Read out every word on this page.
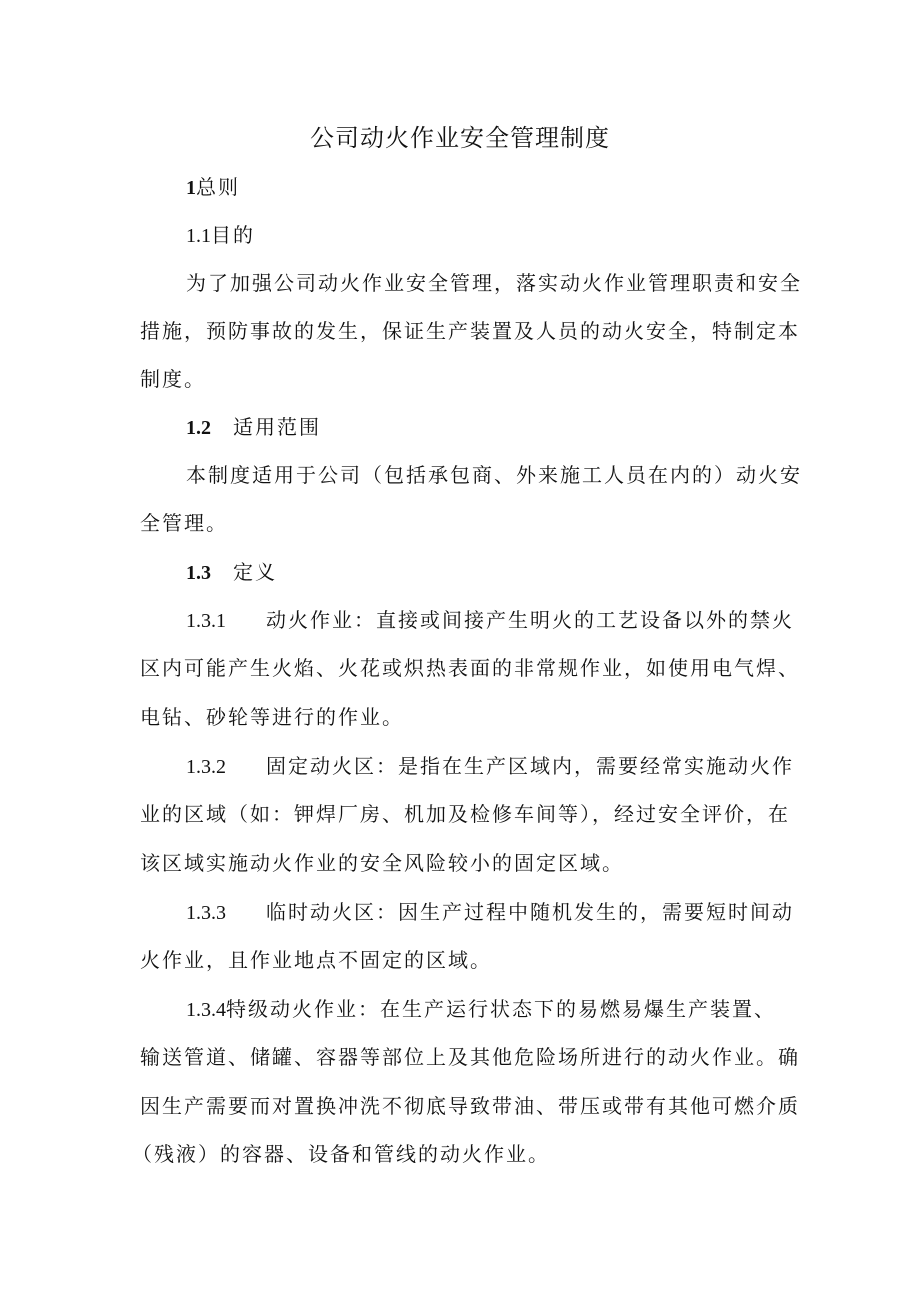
公司动火作业安全管理制度
1总则
1.1目的
为了加强公司动火作业安全管理，落实动火作业管理职责和安全
措施，预防事故的发生，保证生产装置及人员的动火安全，特制定本
制度。
1.2 适用范围
本制度适用于公司（包括承包商、外来施工人员在内的）动火安
全管理。
1.3 定义
1.3.1 动火作业：直接或间接产生明火的工艺设备以外的禁火
区内可能产生火焰、火花或炽热表面的非常规作业，如使用电气焊、
电钻、砂轮等进行的作业。
1.3.2 固定动火区：是指在生产区域内，需要经常实施动火作
业的区域（如：钾焊厂房、机加及检修车间等），经过安全评价，在
该区域实施动火作业的安全风险较小的固定区域。
1.3.3 临时动火区：因生产过程中随机发生的，需要短时间动
火作业，且作业地点不固定的区域。
1.3.4特级动火作业：在生产运行状态下的易燃易爆生产装置、
输送管道、储罐、容器等部位上及其他危险场所进行的动火作业。确
因生产需要而对置换冲洗不彻底导致带油、带压或带有其他可燃介质
（残液）的容器、设备和管线的动火作业。
